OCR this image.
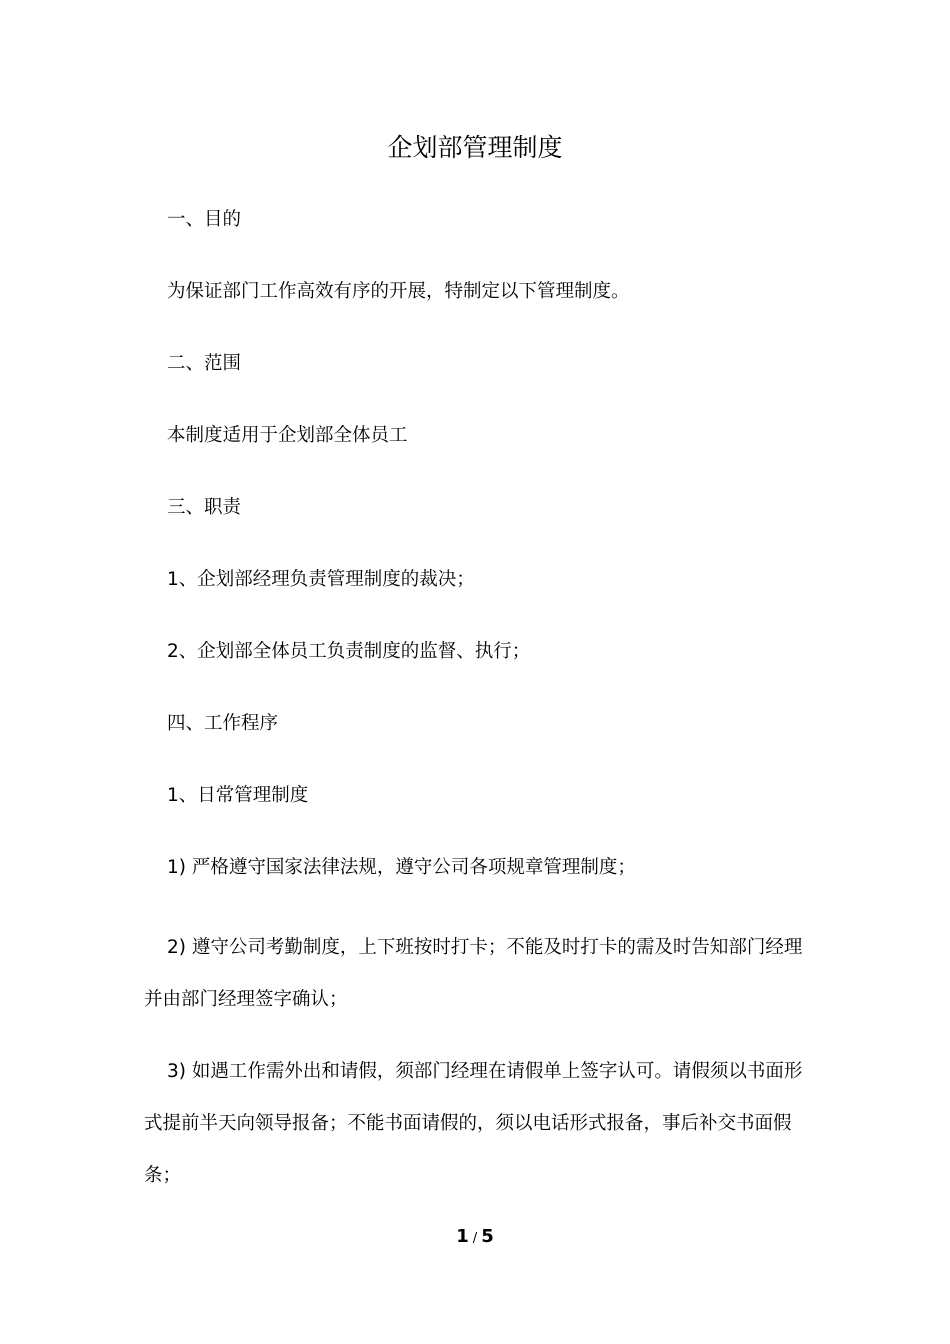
企划部管理制度

一、目的

为保证部门工作高效有序的开展，特制定以下管理制度。

二、范围

本制度适用于企划部全体员工

三、职责

1、企划部经理负责管理制度的裁决；

2、企划部全体员工负责制度的监督、执行；

四、工作程序

1、日常管理制度

1) 严格遵守国家法律法规，遵守公司各项规章管理制度；

2) 遵守公司考勤制度，上下班按时打卡；不能及时打卡的需及时告知部门经理并由部门经理签字确认；

3) 如遇工作需外出和请假，须部门经理在请假单上签字认可。请假须以书面形式提前半天向领导报备；不能书面请假的，须以电话形式报备，事后补交书面假条；

1 / 5
